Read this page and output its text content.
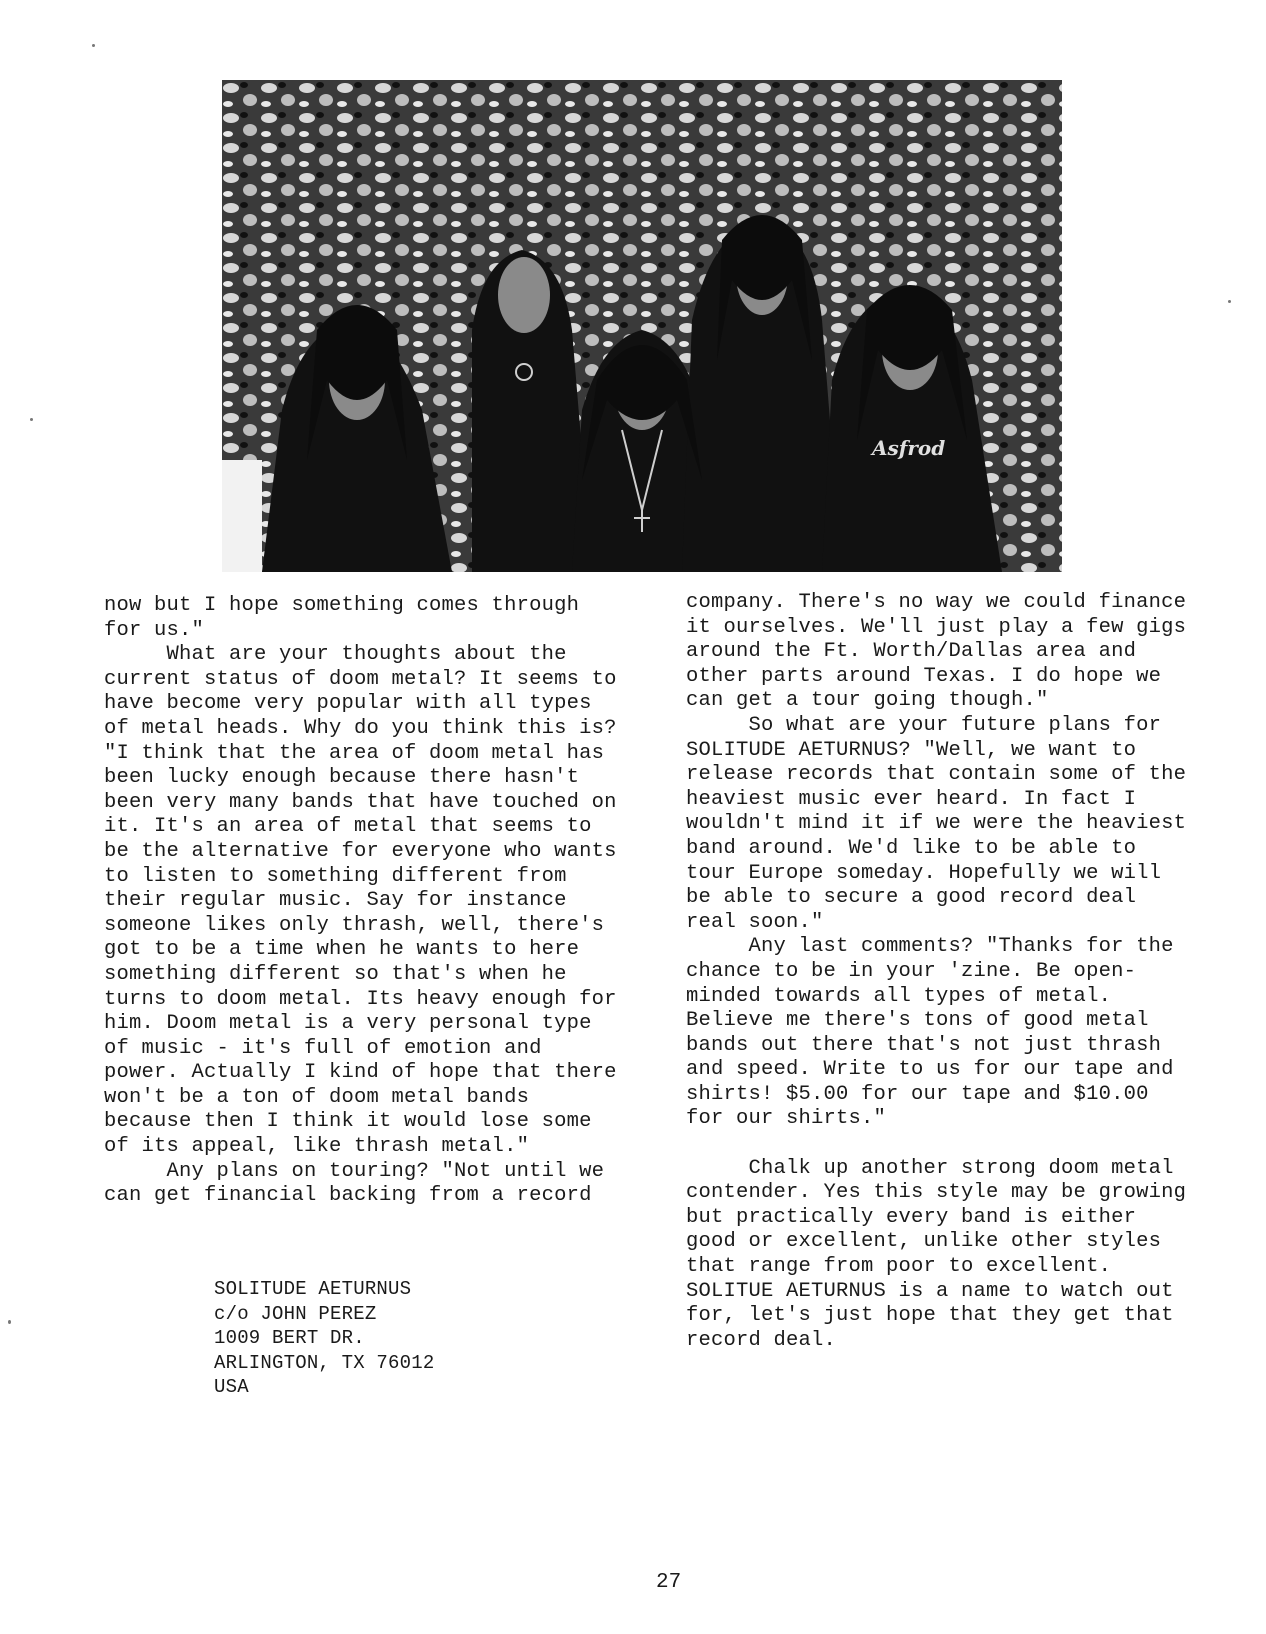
Asfrod
now but I hope something comes through
for us."
What are your thoughts about the
current status of doom metal? It seems to
have become very popular with all types
of metal heads. Why do you think this is?
"I think that the area of doom metal has
been lucky enough because there hasn't
been very many bands that have touched on
it. It's an area of metal that seems to
be the alternative for everyone who wants
to listen to something different from
their regular music. Say for instance
someone likes only thrash, well, there's
got to be a time when he wants to here
something different so that's when he
turns to doom metal. Its heavy enough for
him. Doom metal is a very personal type
of music - it's full of emotion and
power. Actually I kind of hope that there
won't be a ton of doom metal bands
because then I think it would lose some
of its appeal, like thrash metal."
Any plans on touring? "Not until we
can get financial backing from a record
company. There's no way we could finance
it ourselves. We'll just play a few gigs
around the Ft. Worth/Dallas area and
other parts around Texas. I do hope we
can get a tour going though."
So what are your future plans for
SOLITUDE AETURNUS? "Well, we want to
release records that contain some of the
heaviest music ever heard. In fact I
wouldn't mind it if we were the heaviest
band around. We'd like to be able to
tour Europe someday. Hopefully we will
be able to secure a good record deal
real soon."
Any last comments? "Thanks for the
chance to be in your 'zine. Be open-
minded towards all types of metal.
Believe me there's tons of good metal
bands out there that's not just thrash
and speed. Write to us for our tape and
shirts! $5.00 for our tape and $10.00
for our shirts."

Chalk up another strong doom metal
contender. Yes this style may be growing
but practically every band is either
good or excellent, unlike other styles
that range from poor to excellent.
SOLITUE AETURNUS is a name to watch out
for, let's just hope that they get that
record deal.
SOLITUDE AETURNUS
c/o JOHN PEREZ
1009 BERT DR.
ARLINGTON, TX 76012
USA
27
